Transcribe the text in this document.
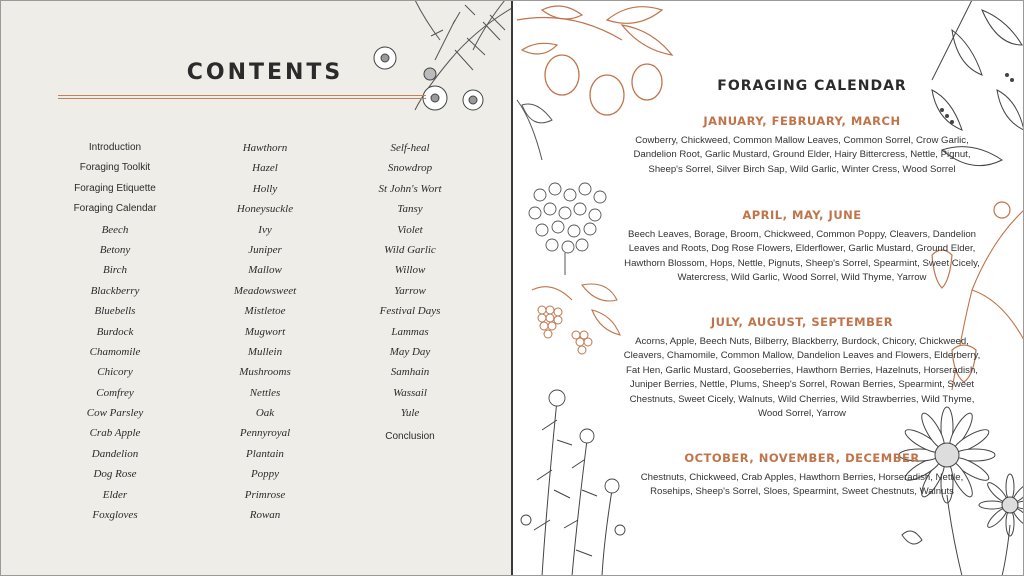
CONTENTS
Introduction
Foraging Toolkit
Foraging Etiquette
Foraging Calendar
Beech
Betony
Birch
Blackberry
Bluebells
Burdock
Chamomile
Chicory
Comfrey
Cow Parsley
Crab Apple
Dandelion
Dog Rose
Elder
Foxgloves
Hawthorn
Hazel
Holly
Honeysuckle
Ivy
Juniper
Mallow
Meadowsweet
Mistletoe
Mugwort
Mullein
Mushrooms
Nettles
Oak
Pennyroyal
Plantain
Poppy
Primrose
Rowan
Self-heal
Snowdrop
St John's Wort
Tansy
Violet
Wild Garlic
Willow
Yarrow
Festival Days
Lammas
May Day
Samhain
Wassail
Yule
Conclusion
FORAGING CALENDAR
JANUARY, FEBRUARY, MARCH

Cowberry, Chickweed, Common Mallow Leaves, Common Sorrel, Crow Garlic, Dandelion Root, Garlic Mustard, Ground Elder, Hairy Bittercress, Nettle, Pignut, Sheep's Sorrel, Silver Birch Sap, Wild Garlic, Winter Cress, Wood Sorrel

APRIL, MAY, JUNE

Beech Leaves, Borage, Broom, Chickweed, Common Poppy, Cleavers, Dandelion Leaves and Roots, Dog Rose Flowers, Elderflower, Garlic Mustard, Ground Elder, Hawthorn Blossom, Hops, Nettle, Pignuts, Sheep's Sorrel, Spearmint, Sweet Cicely, Watercress, Wild Garlic, Wood Sorrel, Wild Thyme, Yarrow

JULY, AUGUST, SEPTEMBER

Acorns, Apple, Beech Nuts, Bilberry, Blackberry, Burdock, Chicory, Chickweed, Cleavers, Chamomile, Common Mallow, Dandelion Leaves and Flowers, Elderberry, Fat Hen, Garlic Mustard, Gooseberries, Hawthorn Berries, Hazelnuts, Horseradish, Juniper Berries, Nettle, Plums, Sheep's Sorrel, Rowan Berries, Spearmint, Sweet Chestnuts, Sweet Cicely, Walnuts, Wild Cherries, Wild Strawberries, Wild Thyme, Wood Sorrel, Yarrow

OCTOBER, NOVEMBER, DECEMBER

Chestnuts, Chickweed, Crab Apples, Hawthorn Berries, Horseradish, Nettle, Rosehips, Sheep's Sorrel, Sloes, Spearmint, Sweet Chestnuts, Walnuts
